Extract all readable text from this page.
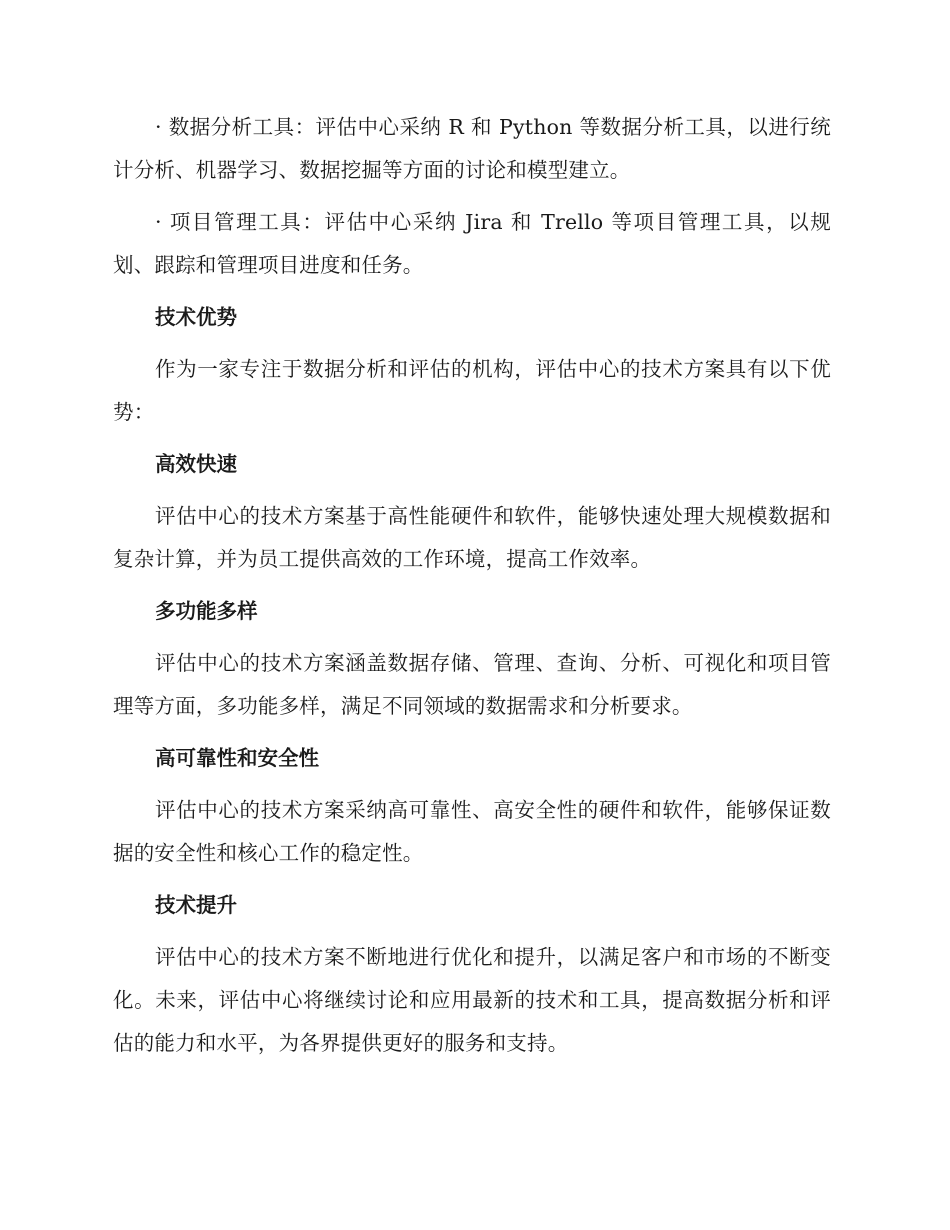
· 数据分析工具：评估中心采纳 R 和 Python 等数据分析工具，以进行统计分析、机器学习、数据挖掘等方面的讨论和模型建立。

· 项目管理工具：评估中心采纳 Jira 和 Trello 等项目管理工具，以规划、跟踪和管理项目进度和任务。

技术优势

作为一家专注于数据分析和评估的机构，评估中心的技术方案具有以下优势：

高效快速

评估中心的技术方案基于高性能硬件和软件，能够快速处理大规模数据和复杂计算，并为员工提供高效的工作环境，提高工作效率。

多功能多样

评估中心的技术方案涵盖数据存储、管理、查询、分析、可视化和项目管理等方面，多功能多样，满足不同领域的数据需求和分析要求。

高可靠性和安全性

评估中心的技术方案采纳高可靠性、高安全性的硬件和软件，能够保证数据的安全性和核心工作的稳定性。

技术提升

评估中心的技术方案不断地进行优化和提升，以满足客户和市场的不断变化。未来，评估中心将继续讨论和应用最新的技术和工具，提高数据分析和评估的能力和水平，为各界提供更好的服务和支持。
